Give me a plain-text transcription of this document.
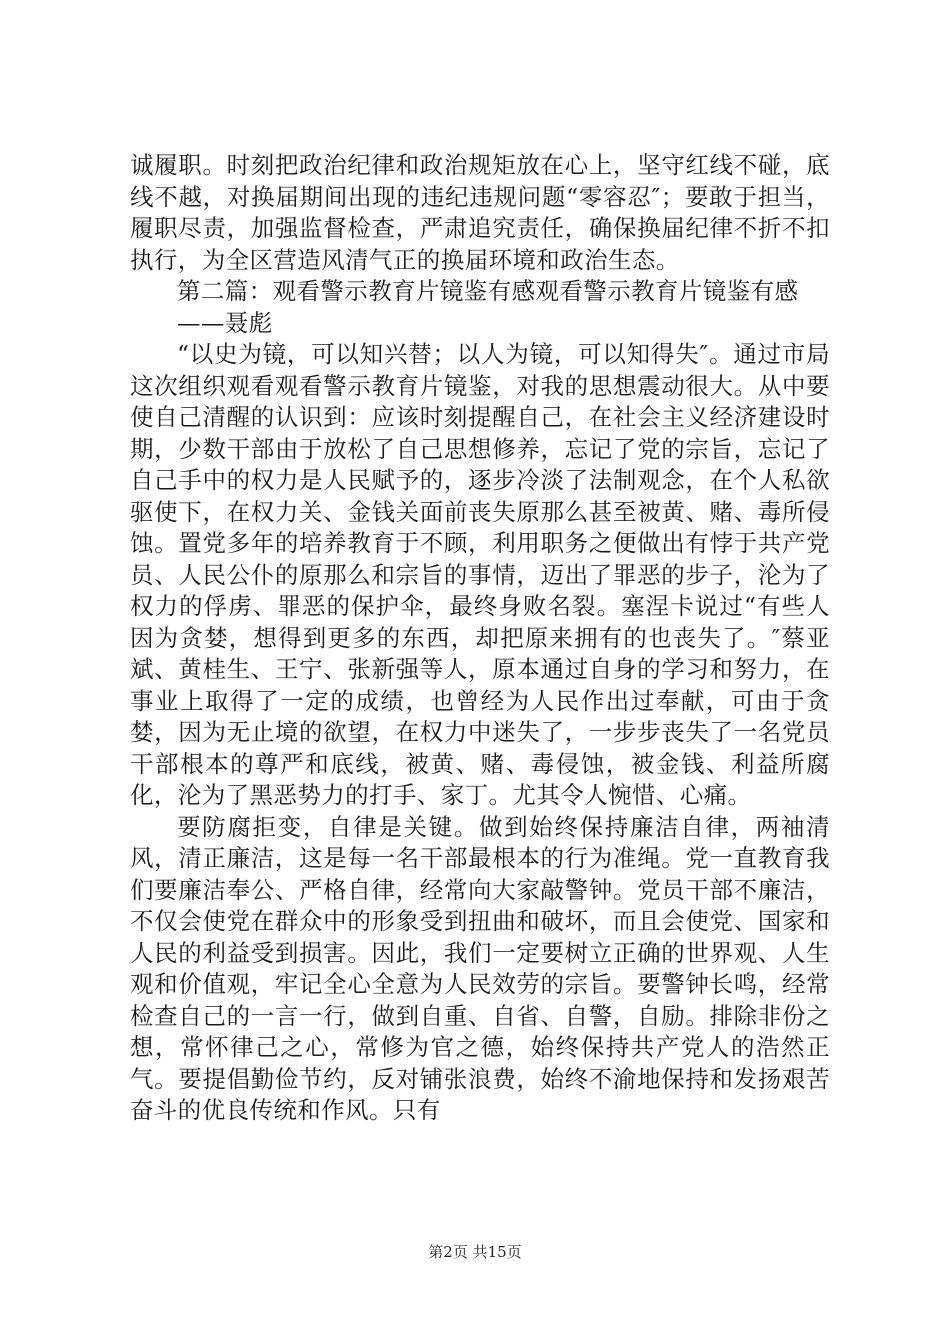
诚履职。时刻把政治纪律和政治规矩放在心上，坚守红线不碰，底线不越，对换届期间出现的违纪违规问题“零容忍″；要敢于担当，履职尽责，加强监督检查，严肃追究责任，确保换届纪律不折不扣执行，为全区营造风清气正的换届环境和政治生态。

第二篇：观看警示教育片镜鉴有感观看警示教育片镜鉴有感
——聂彪

“以史为镜，可以知兴替；以人为镜，可以知得失″。通过市局这次组织观看观看警示教育片镜鉴，对我的思想震动很大。从中要使自己清醒的认识到：应该时刻提醒自己，在社会主义经济建设时期，少数干部由于放松了自己思想修养，忘记了党的宗旨，忘记了自己手中的权力是人民赋予的，逐步冷淡了法制观念，在个人私欲驱使下，在权力关、金钱关面前丧失原那么甚至被黄、赌、毒所侵蚀。置党多年的培养教育于不顾，利用职务之便做出有悖于共产党员、人民公仆的原那么和宗旨的事情，迈出了罪恶的步子，沦为了权力的俘虏、罪恶的保护伞，最终身败名裂。塞涅卡说过“有些人因为贪婪，想得到更多的东西，却把原来拥有的也丧失了。″蔡亚斌、黄桂生、王宁、张新强等人，原本通过自身的学习和努力，在事业上取得了一定的成绩，也曾经为人民作出过奉献，可由于贪婪，因为无止境的欲望，在权力中迷失了，一步步丧失了一名党员干部根本的尊严和底线，被黄、赌、毒侵蚀，被金钱、利益所腐化，沦为了黑恶势力的打手、家丁。尤其令人惋惜、心痛。

要防腐拒变，自律是关键。做到始终保持廉洁自律，两袖清风，清正廉洁，这是每一名干部最根本的行为准绳。党一直教育我们要廉洁奉公、严格自律，经常向大家敲警钟。党员干部不廉洁，不仅会使党在群众中的形象受到扭曲和破坏，而且会使党、国家和人民的利益受到损害。因此，我们一定要树立正确的世界观、人生观和价值观，牢记全心全意为人民效劳的宗旨。要警钟长鸣，经常检查自己的一言一行，做到自重、自省、自警，自励。排除非份之想，常怀律己之心，常修为官之德，始终保持共产党人的浩然正气。要提倡勤俭节约，反对铺张浪费，始终不渝地保持和发扬艰苦奋斗的优良传统和作风。只有

第2页 共15页
